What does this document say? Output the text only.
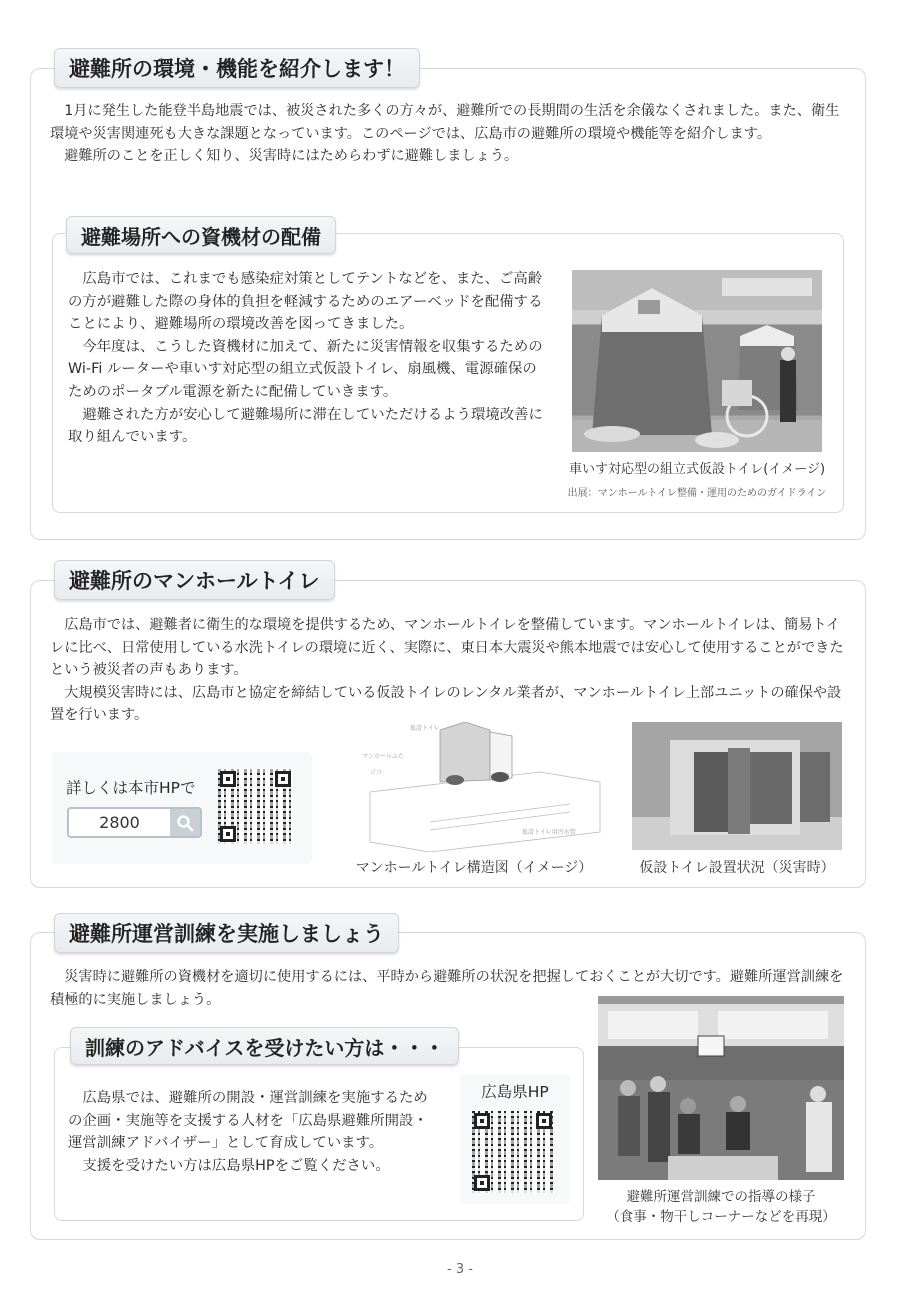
避難所の環境・機能を紹介します！

1月に発生した能登半島地震では、被災された多くの方々が、避難所での長期間の生活を余儀なくされました。また、衛生環境や災害関連死も大きな課題となっています。このページでは、広島市の避難所の環境や機能等を紹介します。

避難所のことを正しく知り、災害時にはためらわずに避難しましょう。

避難場所への資機材の配備

広島市では、これまでも感染症対策としてテントなどを、また、ご高齢の方が避難した際の身体的負担を軽減するためのエアーベッドを配備することにより、避難場所の環境改善を図ってきました。

今年度は、こうした資機材に加えて、新たに災害情報を収集するための Wi-Fi ルーターや車いす対応型の組立式仮設トイレ、扇風機、電源確保のためのポータブル電源を新たに配備していきます。

避難された方が安心して避難場所に滞在していただけるよう環境改善に取り組んでいます。

車いす対応型の組立式仮設トイレ(イメージ)
出展：マンホールトイレ整備・運用のためのガイドライン
避難所のマンホールトイレ

広島市では、避難者に衛生的な環境を提供するため、マンホールトイレを整備しています。マンホールトイレは、簡易トイレに比べ、日常使用している水洗トイレの環境に近く、実際に、東日本大震災や熊本地震では安心して使用することができたという被災者の声もあります。

大規模災害時には、広島市と協定を締結している仮設トイレのレンタル業者が、マンホールトイレ上部ユニットの確保や設置を行います。

詳しくは本市HPで
2800
仮設トイレ
マンホールふた
ジコ
仮設トイレ用汚水管
マンホールトイレ構造図（イメージ）	仮設トイレ設置状況（災害時）
避難所運営訓練を実施しましょう

災害時に避難所の資機材を適切に使用するには、平時から避難所の状況を把握しておくことが大切です。避難所運営訓練を積極的に実施しましょう。

訓練のアドバイスを受けたい方は・・・

広島県では、避難所の開設・運営訓練を実施するための企画・実施等を支援する人材を「広島県避難所開設・運営訓練アドバイザー」として育成しています。

支援を受けたい方は広島県HPをご覧ください。

広島県HP
避難所運営訓練での指導の様子
（食事・物干しコーナーなどを再現）
- 3 -
